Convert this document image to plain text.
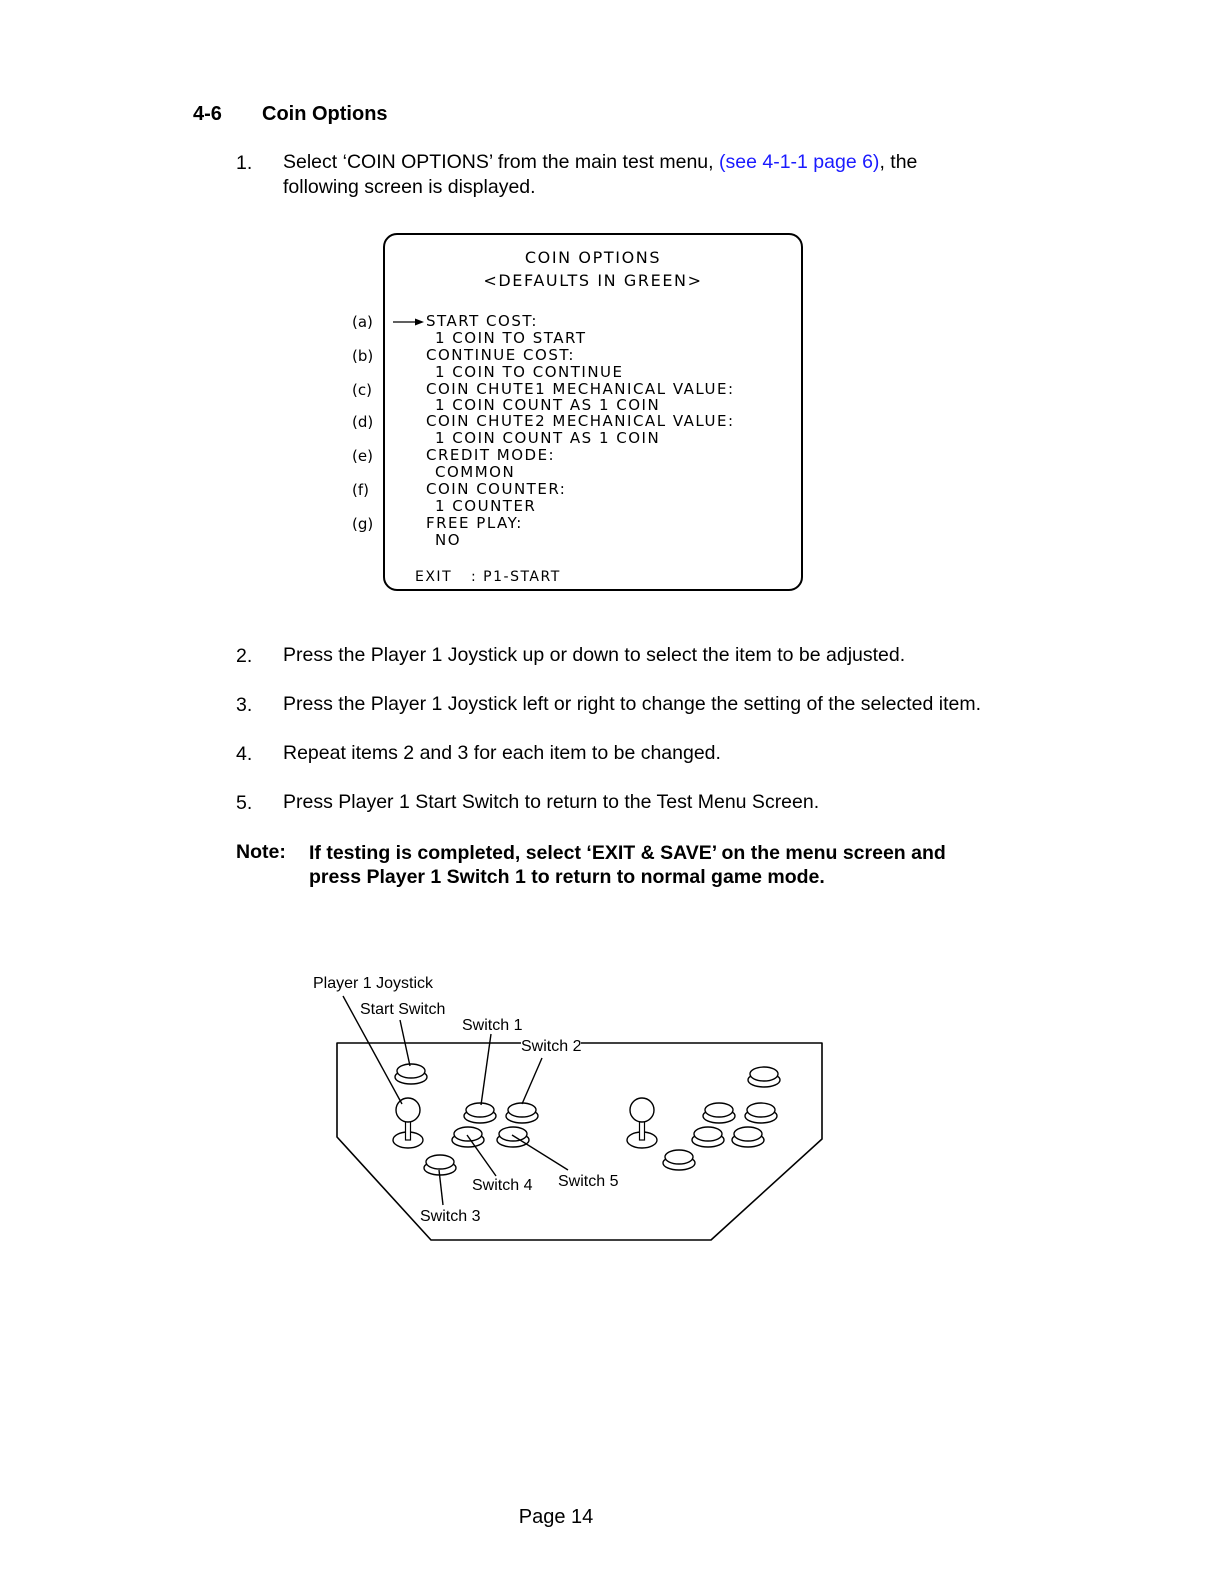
4-6 Coin Options
1. Select ‘COIN OPTIONS’ from the main test menu, (see 4-1-1 page 6), the
following screen is displayed.
COIN OPTIONS
<DEFAULTS IN GREEN>
(a)
(b)
(c)
(d)
(e)
(f)
(g)
START COST:
1 COIN TO START
CONTINUE COST:
1 COIN TO CONTINUE
COIN CHUTE1 MECHANICAL VALUE:
1 COIN COUNT AS 1 COIN
COIN CHUTE2 MECHANICAL VALUE:
1 COIN COUNT AS 1 COIN
CREDIT MODE:
COMMON
COIN COUNTER:
1 COUNTER
FREE PLAY:
NO
EXIT : P1-START
2. Press the Player 1 Joystick up or down to select the item to be adjusted.
3. Press the Player 1 Joystick left or right to change the setting of the selected item.
4. Repeat items 2 and 3 for each item to be changed.
5. Press Player 1 Start Switch to return to the Test Menu Screen.
Note: If testing is completed, select ‘EXIT & SAVE’ on the menu screen and
press Player 1 Switch 1 to return to normal game mode.
Player 1 Joystick
Start Switch
Switch 1
Switch 2
Switch 3
Switch 4 Switch 5
Page 14
